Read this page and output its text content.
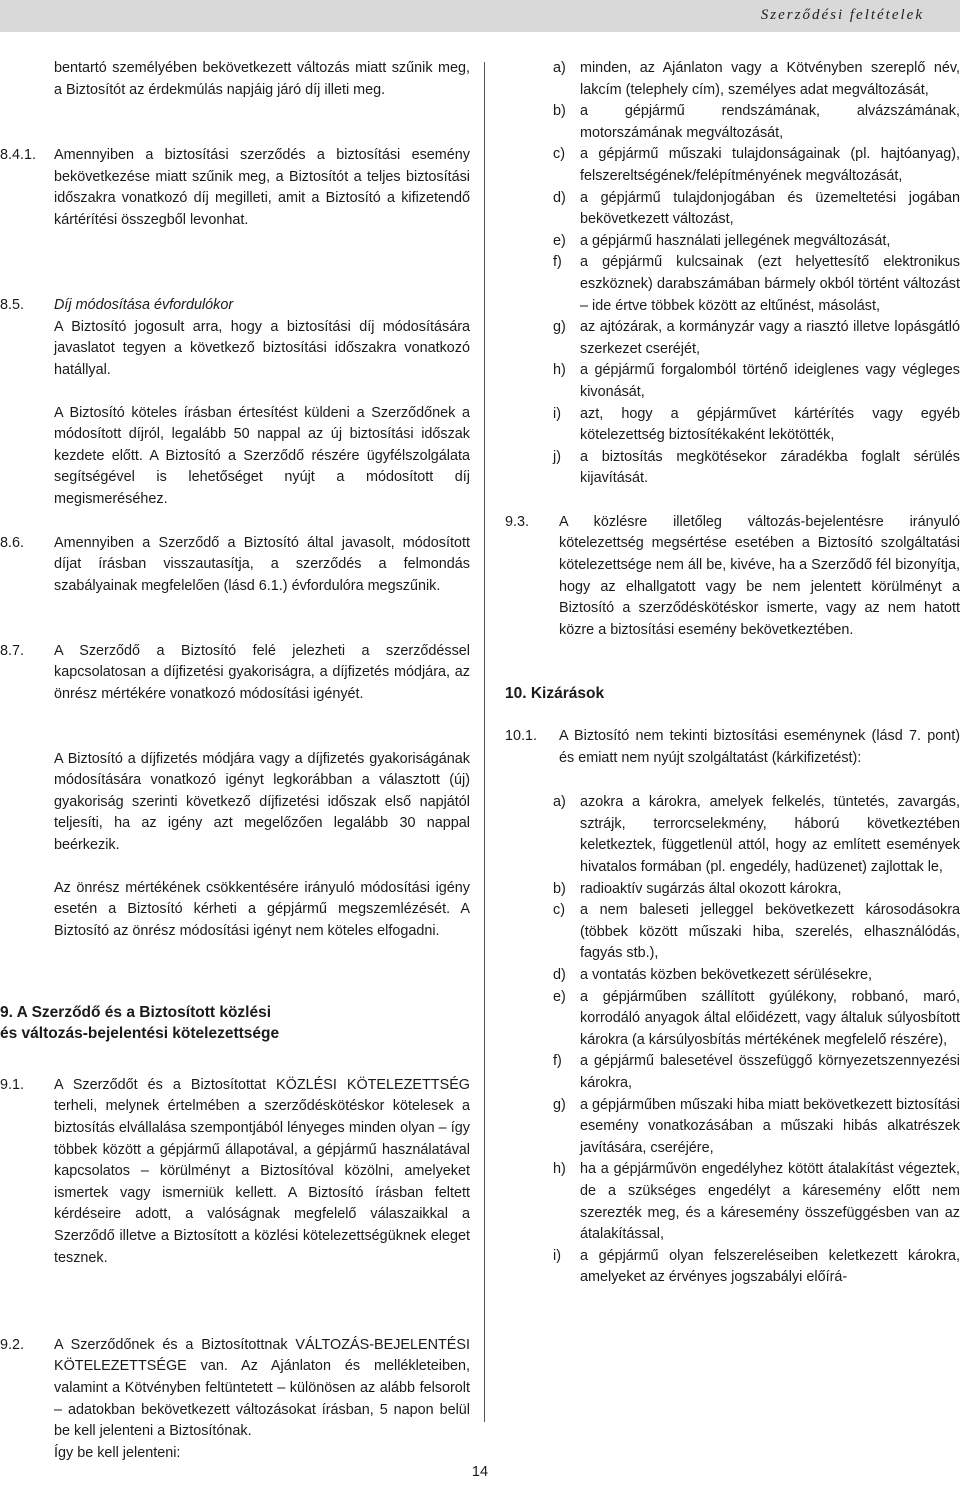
Szerződési feltételek

bentartó személyében bekövetkezett változás miatt szűnik meg, a Biztosítót az érdekmúlás napjáig járó díj illeti meg.

8.4.1. Amennyiben a biztosítási szerződés a biztosítási esemény bekövetkezése miatt szűnik meg, a Biztosítót a teljes biztosítási időszakra vonatkozó díj megilleti, amit a Biztosító a kifizetendő kártérítési összegből levonhat.

8.5. Díj módosítása évfordulókor

A Biztosító jogosult arra, hogy a biztosítási díj módosítására javaslatot tegyen a következő biztosítási időszakra vonatkozó hatállyal.

A Biztosító köteles írásban értesítést küldeni a Szerződőnek a módosított díjról, legalább 50 nappal az új biztosítási időszak kezdete előtt. A Biztosító a Szerződő részére ügyfélszolgálata segítségével is lehetőséget nyújt a módosított díj megismeréséhez.

8.6. Amennyiben a Szerződő a Biztosító által javasolt, módosított díjat írásban visszautasítja, a szerződés a felmondás szabályainak megfelelően (lásd 6.1.) évfordulóra megszűnik.

8.7. A Szerződő a Biztosító felé jelezheti a szerződéssel kapcsolatosan a díjfizetési gyakoriságra, a díjfizetés módjára, az önrész mértékére vonatkozó módosítási igényét.

A Biztosító a díjfizetés módjára vagy a díjfizetés gyakoriságának módosítására vonatkozó igényt legkorábban a választott (új) gyakoriság szerinti következő díjfizetési időszak első napjától teljesíti, ha az igény azt megelőzően legalább 30 nappal beérkezik.

Az önrész mértékének csökkentésére irányuló módosítási igény esetén a Biztosító kérheti a gépjármű megszemlézését. A Biztosító az önrész módosítási igényt nem köteles elfogadni.

9. A Szerződő és a Biztosított közlési

és változás-bejelentési kötelezettsége

9.1. A Szerződőt és a Biztosítottat KÖZLÉSI KÖTELEZETTSÉG terheli, melynek értelmében a szerződéskötéskor kötelesek a biztosítás elvállalása szempontjából lényeges minden olyan – így többek között a gépjármű állapotával, a gépjármű használatával kapcsolatos – körülményt a Biztosítóval közölni, amelyeket ismertek vagy ismerniük kellett. A Biztosító írásban feltett kérdéseire adott, a valóságnak megfelelő válaszaikkal a Szerződő illetve a Biztosított a közlési kötelezettségüknek eleget tesznek.

9.2. A Szerződőnek és a Biztosítottnak VÁLTOZÁS-BEJELENTÉSI KÖTELEZETTSÉGE van. Az Ajánlaton és mellékleteiben, valamint a Kötvényben feltüntetett – különösen az alább felsorolt – adatokban bekövetkezett változásokat írásban, 5 napon belül be kell jelenteni a Biztosítónak.

Így be kell jelenteni:

a) minden, az Ajánlaton vagy a Kötvényben szereplő név, lakcím (telephely cím), személyes adat megváltozását,
b) a gépjármű rendszámának, alvázszámának, motorszámának megváltozását,
c) a gépjármű műszaki tulajdonságainak (pl. hajtóanyag), felszereltségének/felépítményének megváltozását,
d) a gépjármű tulajdonjogában és üzemeltetési jogában bekövetkezett változást,
e) a gépjármű használati jellegének megváltozását,
f) a gépjármű kulcsainak (ezt helyettesítő elektronikus eszköznek) darabszámában bármely okból történt változást – ide értve többek között az eltűnést, másolást,
g) az ajtózárak, a kormányzár vagy a riasztó illetve lopásgátló szerkezet cseréjét,
h) a gépjármű forgalomból történő ideiglenes vagy végleges kivonását,
i) azt, hogy a gépjárművet kártérítés vagy egyéb kötelezettség biztosítékaként lekötötték,
j) a biztosítás megkötésekor záradékba foglalt sérülés kijavítását.
9.3. A közlésre illetőleg változás-bejelentésre irányuló kötelezettség megsértése esetében a Biztosító szolgáltatási kötelezettsége nem áll be, kivéve, ha a Szerződő fél bizonyítja, hogy az elhallgatott vagy be nem jelentett körülményt a Biztosító a szerződéskötéskor ismerte, vagy az nem hatott közre a biztosítási esemény bekövetkeztében.

10. Kizárások

10.1. A Biztosító nem tekinti biztosítási eseménynek (lásd 7. pont) és emiatt nem nyújt szolgáltatást (kárkifizetést):

a) azokra a károkra, amelyek felkelés, tüntetés, zavargás, sztrájk, terrorcselekmény, háború következtében keletkeztek, függetlenül attól, hogy az említett események hivatalos formában (pl. engedély, hadüzenet) zajlottak le,
b) radioaktív sugárzás által okozott károkra,
c) a nem baleseti jelleggel bekövetkezett károsodásokra (többek között műszaki hiba, szerelés, elhasználódás, fagyás stb.),
d) a vontatás közben bekövetkezett sérülésekre,
e) a gépjárműben szállított gyúlékony, robbanó, maró, korrodáló anyagok által előidézett, vagy általuk súlyosbított károkra (a kársúlyosbítás mértékének megfelelő részére),
f) a gépjármű balesetével összefüggő környezetszennyezési károkra,
g) a gépjárműben műszaki hiba miatt bekövetkezett biztosítási esemény vonatkozásában a műszaki hibás alkatrészek javítására, cseréjére,
h) ha a gépjárművön engedélyhez kötött átalakítást végeztek, de a szükséges engedélyt a káresemény előtt nem szerezték meg, és a káresemény összefüggésben van az átalakítással,
i) a gépjármű olyan felszereléseiben keletkezett károkra, amelyeket az érvényes jogszabályi előírá-
14
